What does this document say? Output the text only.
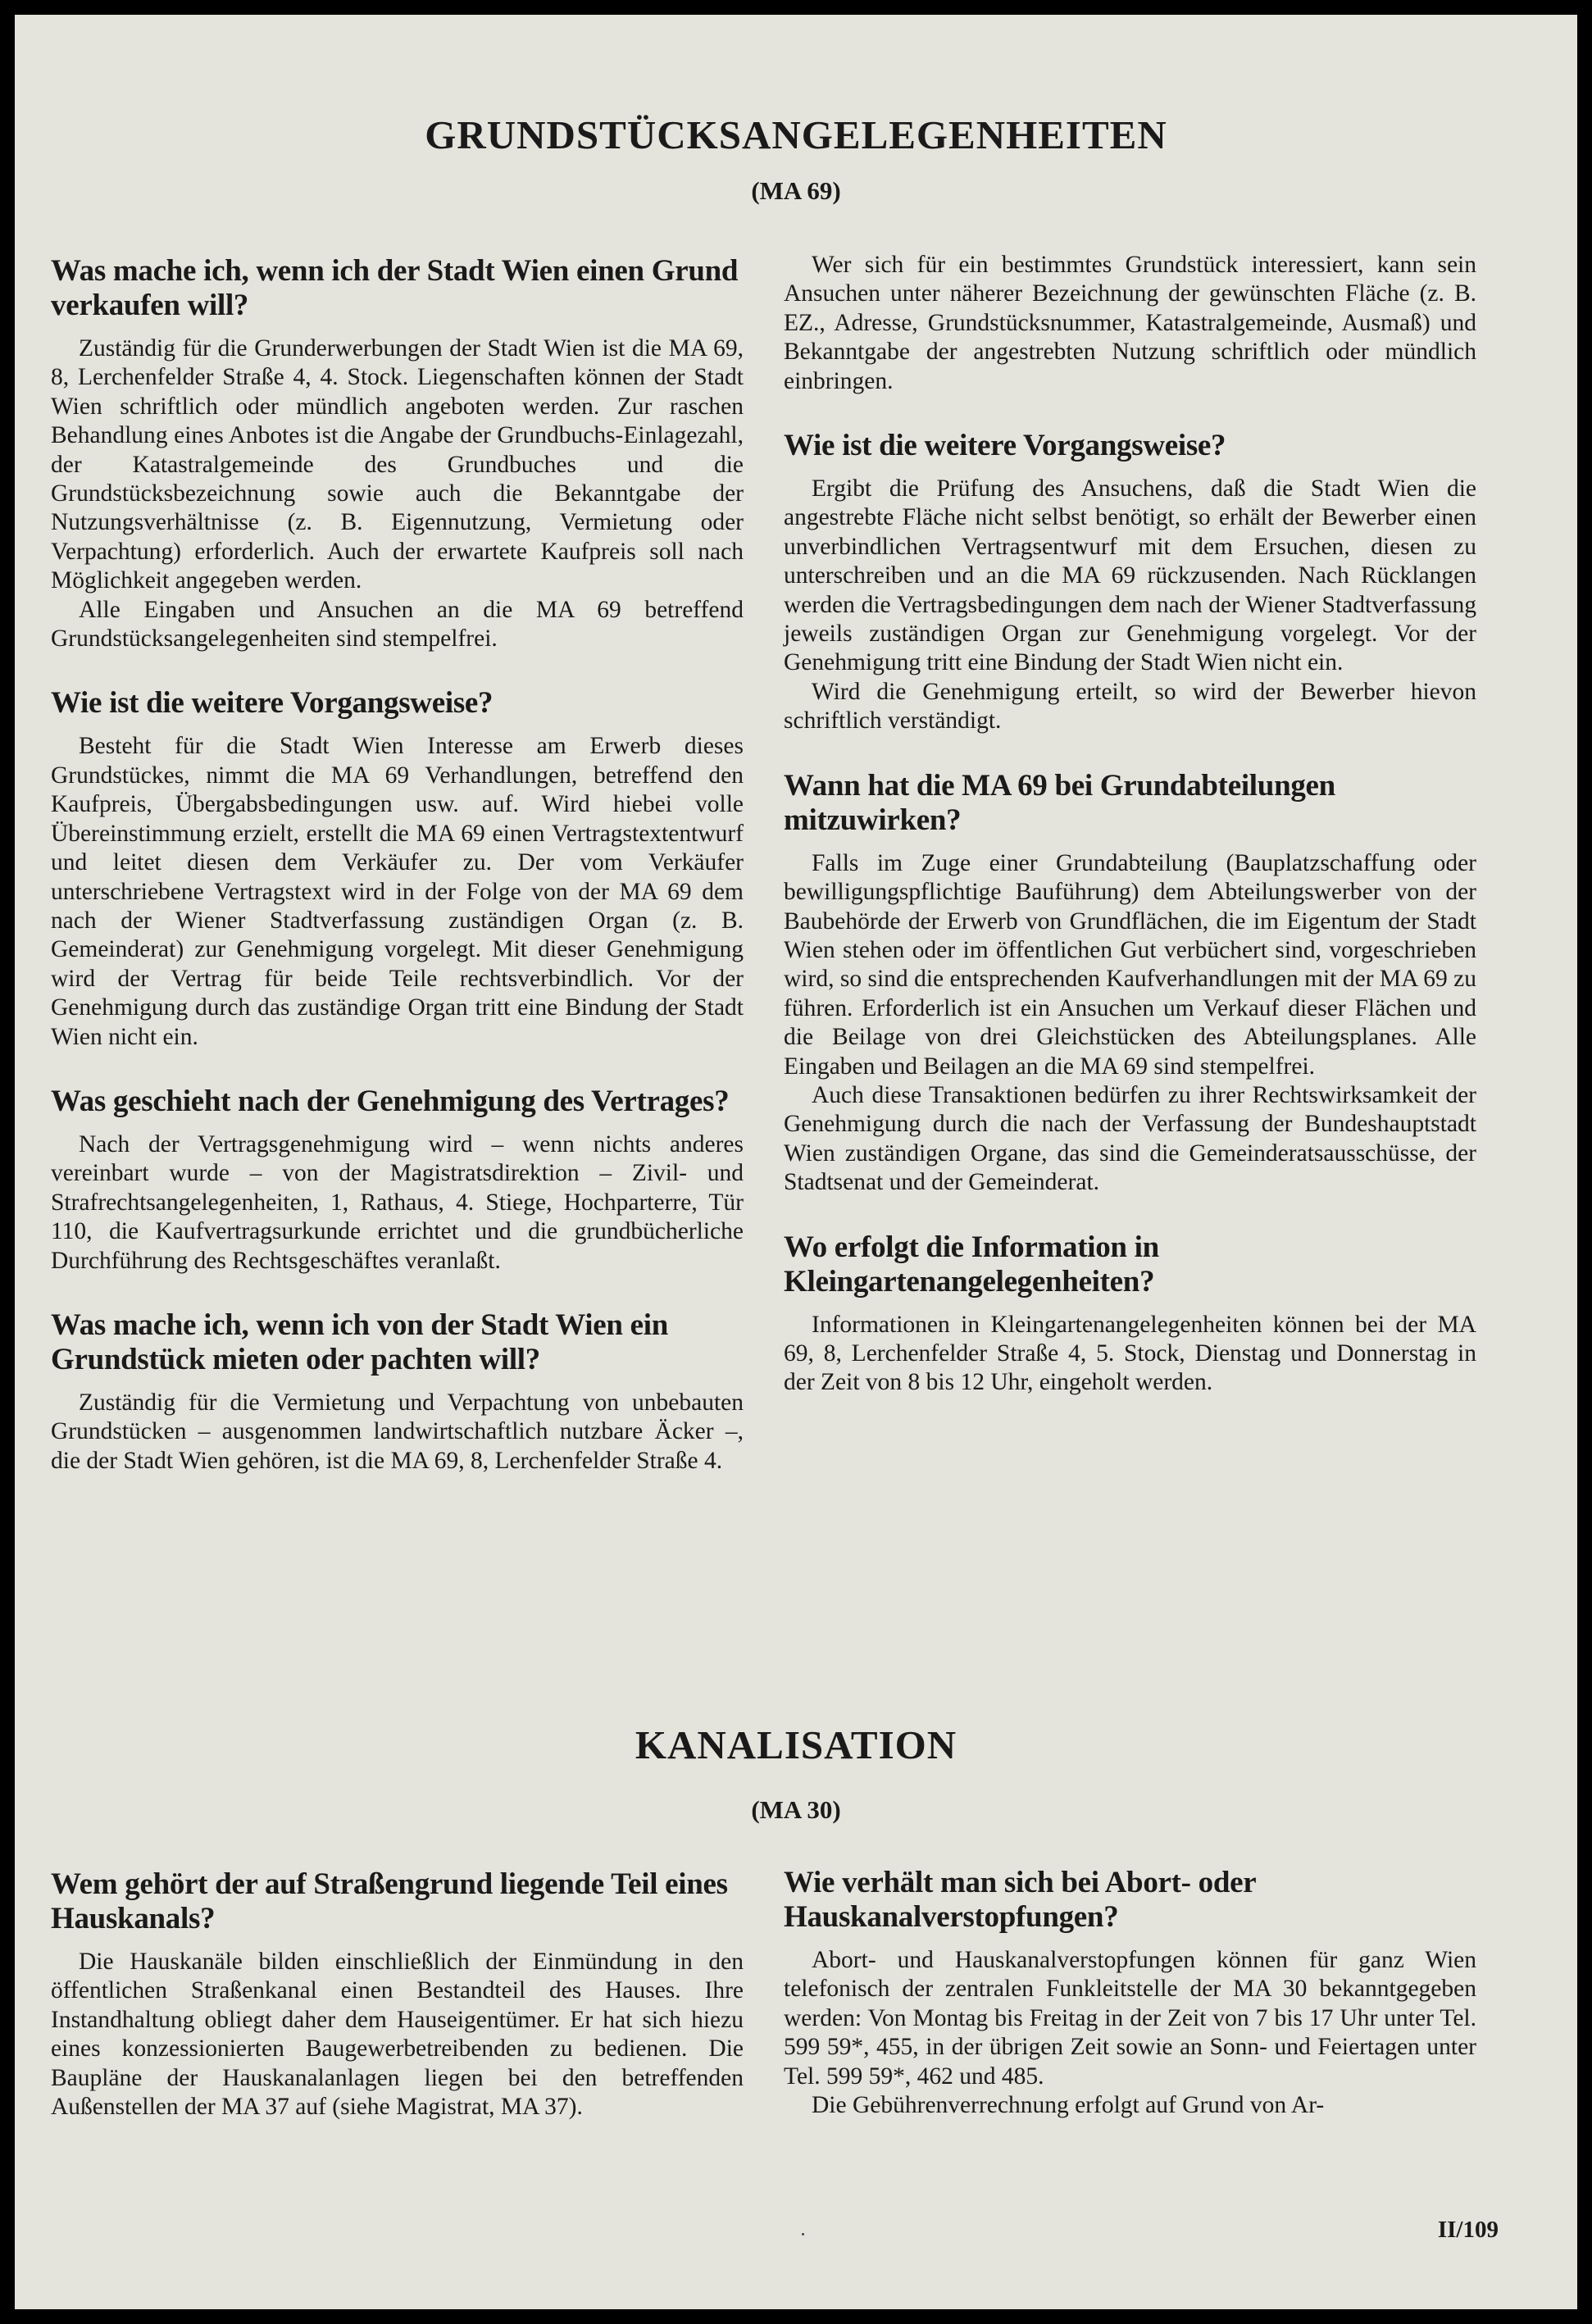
GRUNDSTÜCKSANGELEGENHEITEN
(MA 69)
Was mache ich, wenn ich der Stadt Wien einen Grund verkaufen will?

Zuständig für die Grunderwerbungen der Stadt Wien ist die MA 69, 8, Lerchenfelder Straße 4, 4. Stock. Liegenschaften können der Stadt Wien schriftlich oder mündlich angeboten werden. Zur raschen Behandlung eines Anbotes ist die Angabe der Grundbuchs-Einlagezahl, der Katastralgemeinde des Grundbuches und die Grundstücksbezeichnung sowie auch die Bekanntgabe der Nutzungsverhältnisse (z. B. Eigennutzung, Vermietung oder Verpachtung) erforderlich. Auch der erwartete Kaufpreis soll nach Möglichkeit angegeben werden.

Alle Eingaben und Ansuchen an die MA 69 betreffend Grundstücksangelegenheiten sind stempelfrei.

Wie ist die weitere Vorgangsweise?

Besteht für die Stadt Wien Interesse am Erwerb dieses Grundstückes, nimmt die MA 69 Verhandlungen, betreffend den Kaufpreis, Übergabsbedingungen usw. auf. Wird hiebei volle Übereinstimmung erzielt, erstellt die MA 69 einen Vertragstextentwurf und leitet diesen dem Verkäufer zu. Der vom Verkäufer unterschriebene Vertragstext wird in der Folge von der MA 69 dem nach der Wiener Stadtverfassung zuständigen Organ (z. B. Gemeinderat) zur Genehmigung vorgelegt. Mit dieser Genehmigung wird der Vertrag für beide Teile rechtsverbindlich. Vor der Genehmigung durch das zuständige Organ tritt eine Bindung der Stadt Wien nicht ein.

Was geschieht nach der Genehmigung des Vertrages?

Nach der Vertragsgenehmigung wird – wenn nichts anderes vereinbart wurde – von der Magistratsdirektion – Zivil- und Strafrechtsangelegenheiten, 1, Rathaus, 4. Stiege, Hochparterre, Tür 110, die Kaufvertragsurkunde errichtet und die grundbücherliche Durchführung des Rechtsgeschäftes veranlaßt.

Was mache ich, wenn ich von der Stadt Wien ein Grundstück mieten oder pachten will?

Zuständig für die Vermietung und Verpachtung von unbebauten Grundstücken – ausgenommen landwirtschaftlich nutzbare Äcker –, die der Stadt Wien gehören, ist die MA 69, 8, Lerchenfelder Straße 4.

Wer sich für ein bestimmtes Grundstück interessiert, kann sein Ansuchen unter näherer Bezeichnung der gewünschten Fläche (z. B. EZ., Adresse, Grundstücksnummer, Katastralgemeinde, Ausmaß) und Bekanntgabe der angestrebten Nutzung schriftlich oder mündlich einbringen.

Wie ist die weitere Vorgangsweise?

Ergibt die Prüfung des Ansuchens, daß die Stadt Wien die angestrebte Fläche nicht selbst benötigt, so erhält der Bewerber einen unverbindlichen Vertragsentwurf mit dem Ersuchen, diesen zu unterschreiben und an die MA 69 rückzusenden. Nach Rücklangen werden die Vertragsbedingungen dem nach der Wiener Stadtverfassung jeweils zuständigen Organ zur Genehmigung vorgelegt. Vor der Genehmigung tritt eine Bindung der Stadt Wien nicht ein.

Wird die Genehmigung erteilt, so wird der Bewerber hievon schriftlich verständigt.

Wann hat die MA 69 bei Grundabteilungen mitzuwirken?

Falls im Zuge einer Grundabteilung (Bauplatzschaffung oder bewilligungspflichtige Bauführung) dem Abteilungswerber von der Baubehörde der Erwerb von Grundflächen, die im Eigentum der Stadt Wien stehen oder im öffentlichen Gut verbüchert sind, vorgeschrieben wird, so sind die entsprechenden Kaufverhandlungen mit der MA 69 zu führen. Erforderlich ist ein Ansuchen um Verkauf dieser Flächen und die Beilage von drei Gleichstücken des Abteilungsplanes. Alle Eingaben und Beilagen an die MA 69 sind stempelfrei.

Auch diese Transaktionen bedürfen zu ihrer Rechtswirksamkeit der Genehmigung durch die nach der Verfassung der Bundeshauptstadt Wien zuständigen Organe, das sind die Gemeinderatsausschüsse, der Stadtsenat und der Gemeinderat.

Wo erfolgt die Information in Kleingartenangelegenheiten?

Informationen in Kleingartenangelegenheiten können bei der MA 69, 8, Lerchenfelder Straße 4, 5. Stock, Dienstag und Donnerstag in der Zeit von 8 bis 12 Uhr, eingeholt werden.

KANALISATION
(MA 30)
Wem gehört der auf Straßengrund liegende Teil eines Hauskanals?

Die Hauskanäle bilden einschließlich der Einmündung in den öffentlichen Straßenkanal einen Bestandteil des Hauses. Ihre Instandhaltung obliegt daher dem Hauseigentümer. Er hat sich hiezu eines konzessionierten Baugewerbetreibenden zu bedienen. Die Baupläne der Hauskanalanlagen liegen bei den betreffenden Außenstellen der MA 37 auf (siehe Magistrat, MA 37).

Wie verhält man sich bei Abort- oder Hauskanalverstopfungen?

Abort- und Hauskanalverstopfungen können für ganz Wien telefonisch der zentralen Funkleitstelle der MA 30 bekanntgegeben werden: Von Montag bis Freitag in der Zeit von 7 bis 17 Uhr unter Tel. 599 59*, 455, in der übrigen Zeit sowie an Sonn- und Feiertagen unter Tel. 599 59*, 462 und 485.

Die Gebührenverrechnung erfolgt auf Grund von Ar-

II/109
